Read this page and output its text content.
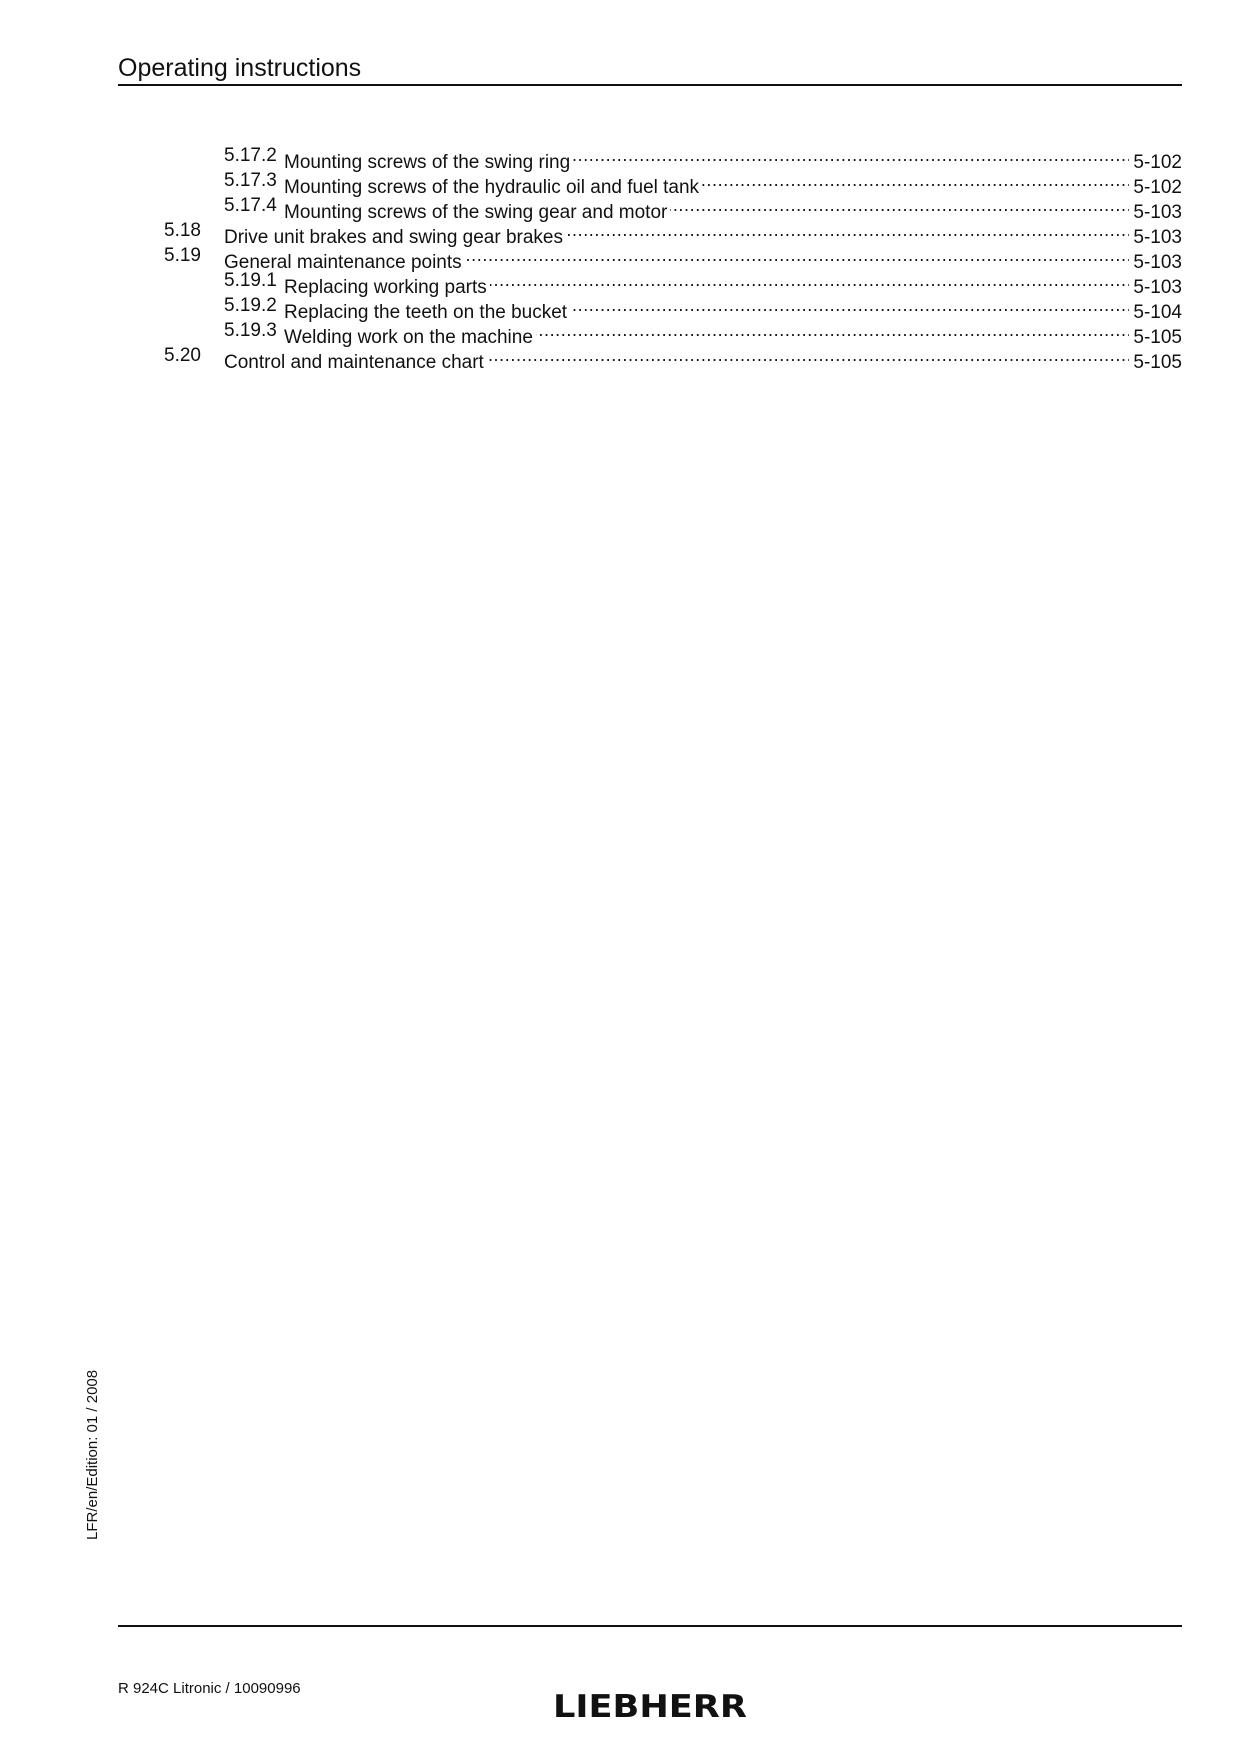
Operating instructions
5.17.2 Mounting screws of the swing ring . . .	5-102
5.17.3 Mounting screws of the hydraulic oil and fuel tank . . .	5-102
5.17.4 Mounting screws of the swing gear and motor . . .	5-103
5.18 Drive unit brakes and swing gear brakes . . .	5-103
5.19 General maintenance points . . .	5-103
5.19.1 Replacing working parts . . .	5-103
5.19.2 Replacing the teeth on the bucket . . .	5-104
5.19.3 Welding work on the machine . . .	5-105
5.20 Control and maintenance chart . . .	5-105
LFR/en/Edition: 01 / 2008
R 924C Litronic / 10090996
LIEBHERR
